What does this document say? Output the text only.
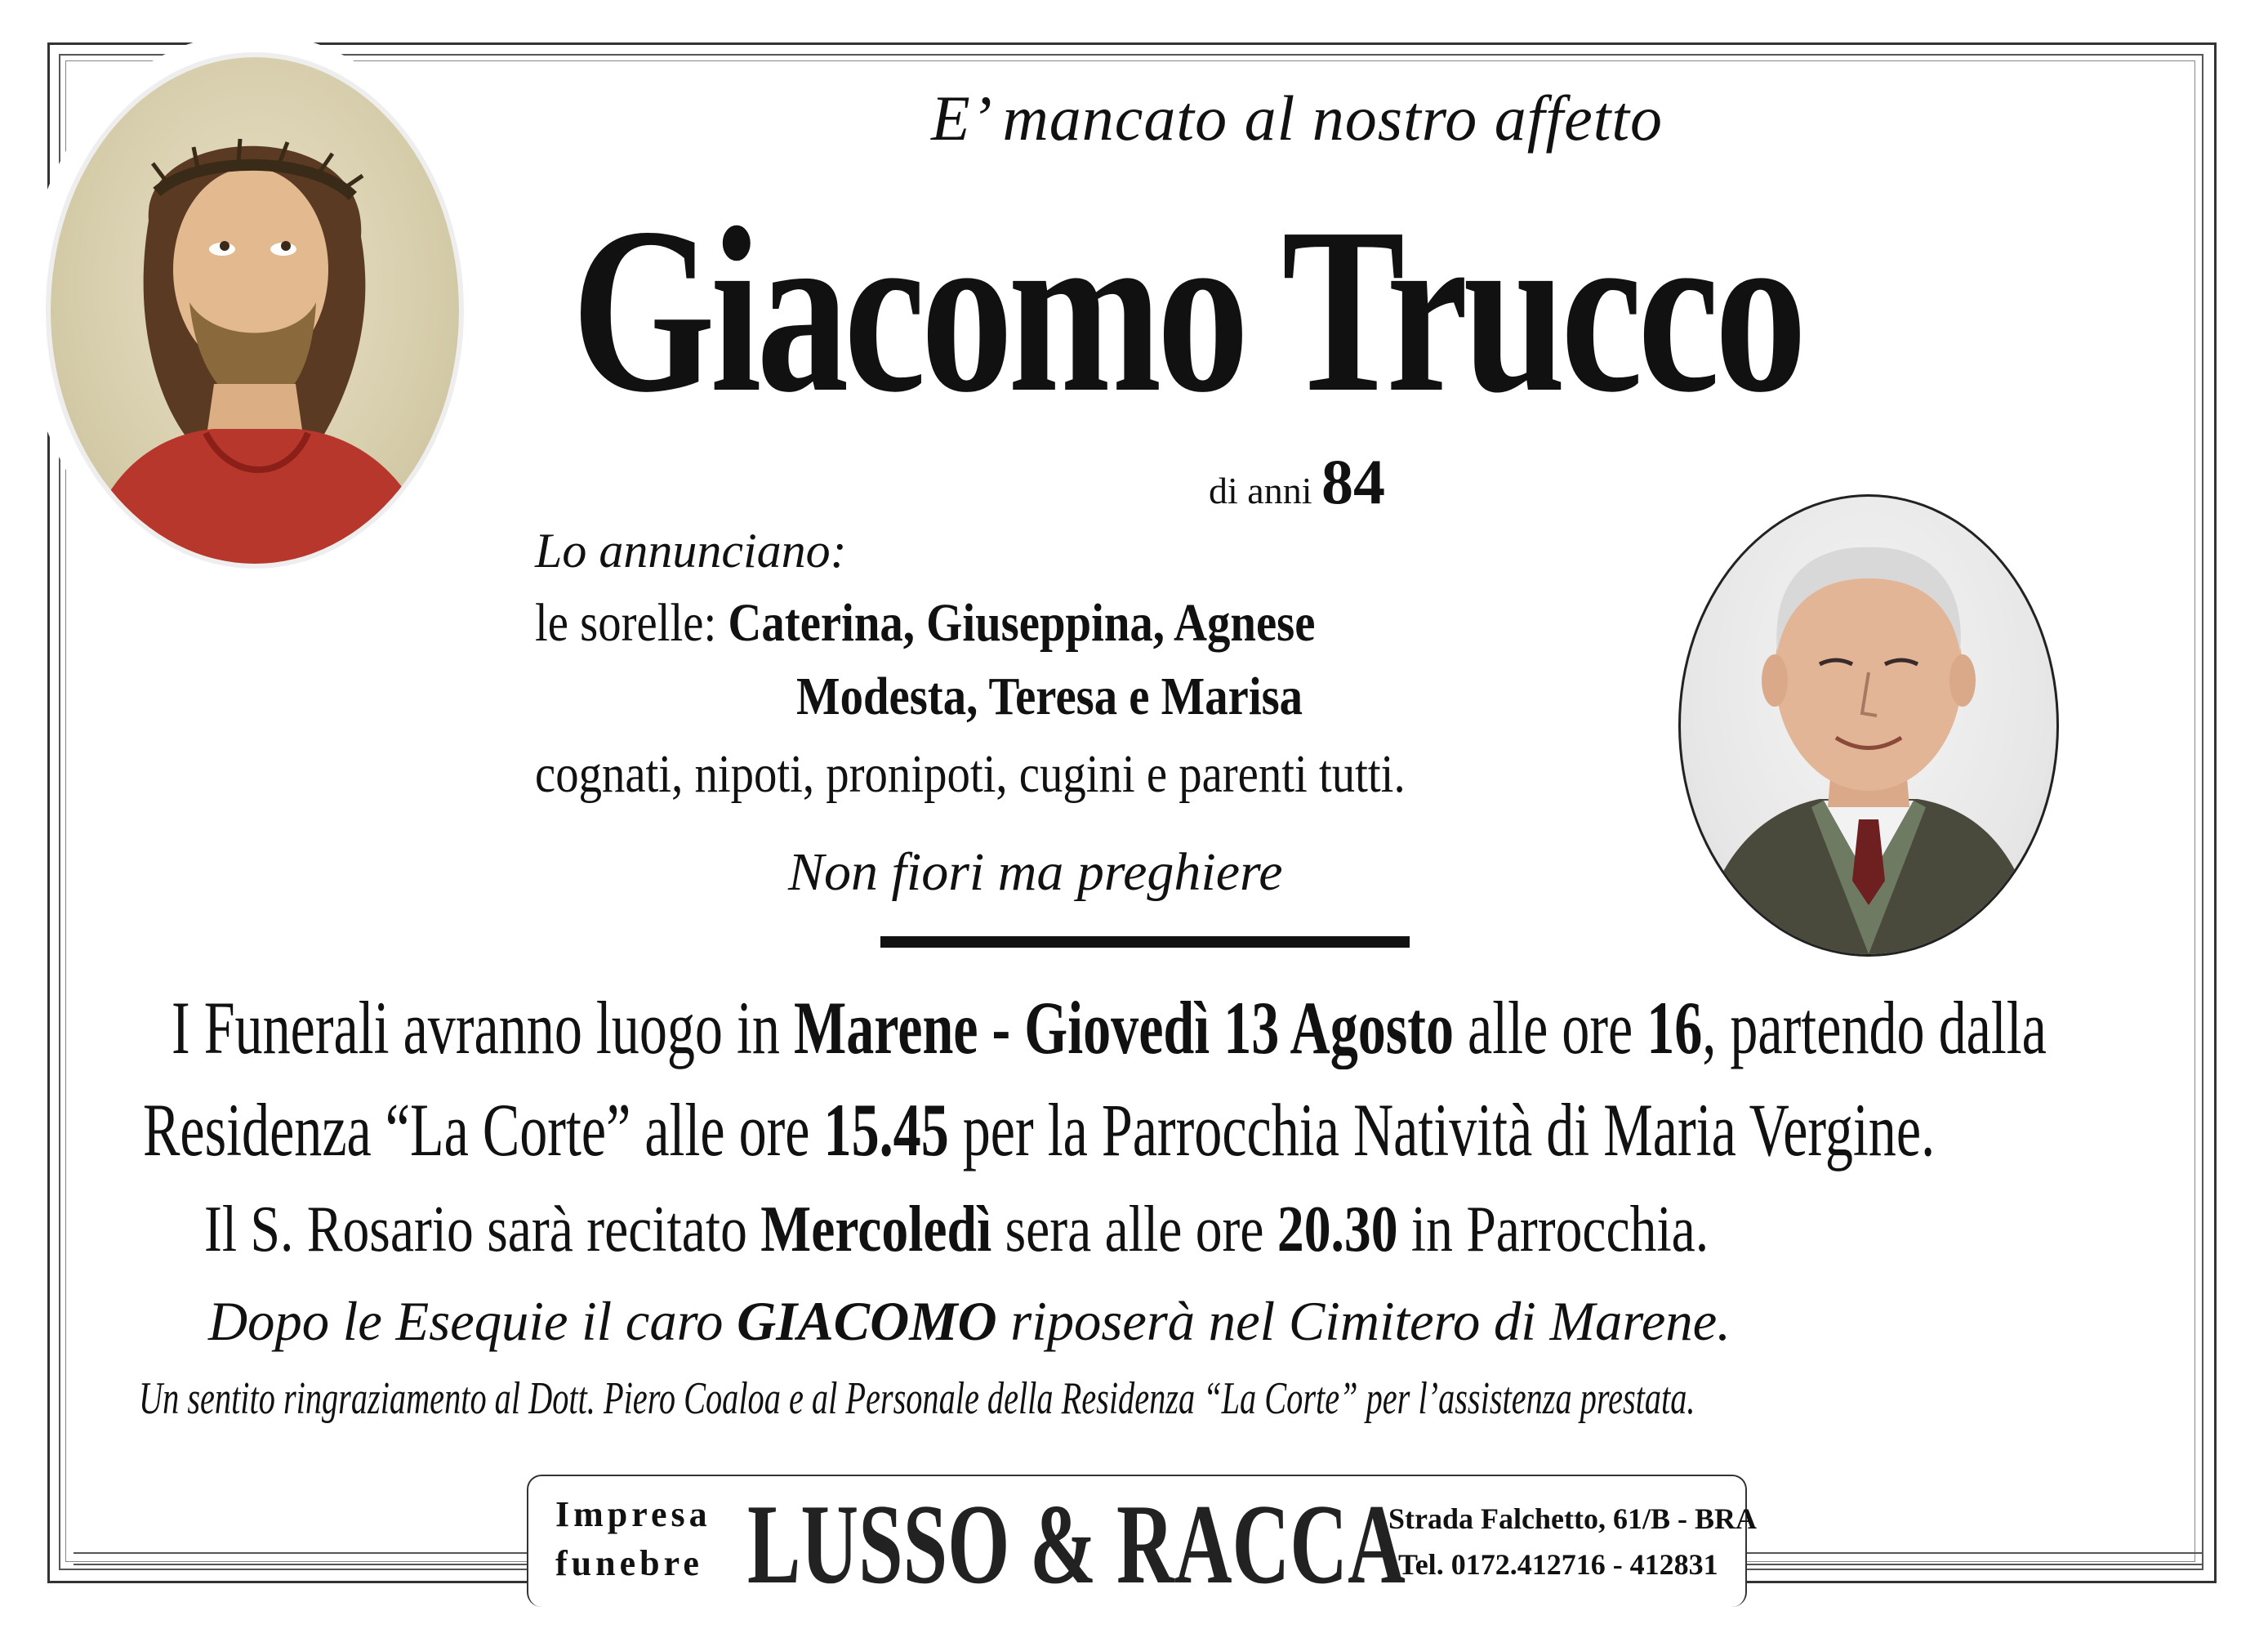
E’ mancato al nostro affetto
Giacomo Trucco
di anni 84
Lo annunciano:
le sorelle: Caterina, Giuseppina, Agnese
Modesta, Teresa e Marisa
cognati, nipoti, pronipoti, cugini e parenti tutti.
Non fiori ma preghiere
I Funerali avranno luogo in Marene - Giovedì 13 Agosto alle ore 16, partendo dalla
Residenza “La Corte” alle ore 15.45 per la Parrocchia Natività di Maria Vergine.
Il S. Rosario sarà recitato Mercoledì sera alle ore 20.30 in Parrocchia.
Dopo le Esequie il caro GIACOMO riposerà nel Cimitero di Marene.
Un sentito ringraziamento al Dott. Piero Coaloa e al Personale della Residenza “La Corte” per l’assistenza prestata.
Impresa
funebre LUSSO & RACCA
Strada Falchetto, 61/B - BRA
Tel. 0172.412716 - 412831
